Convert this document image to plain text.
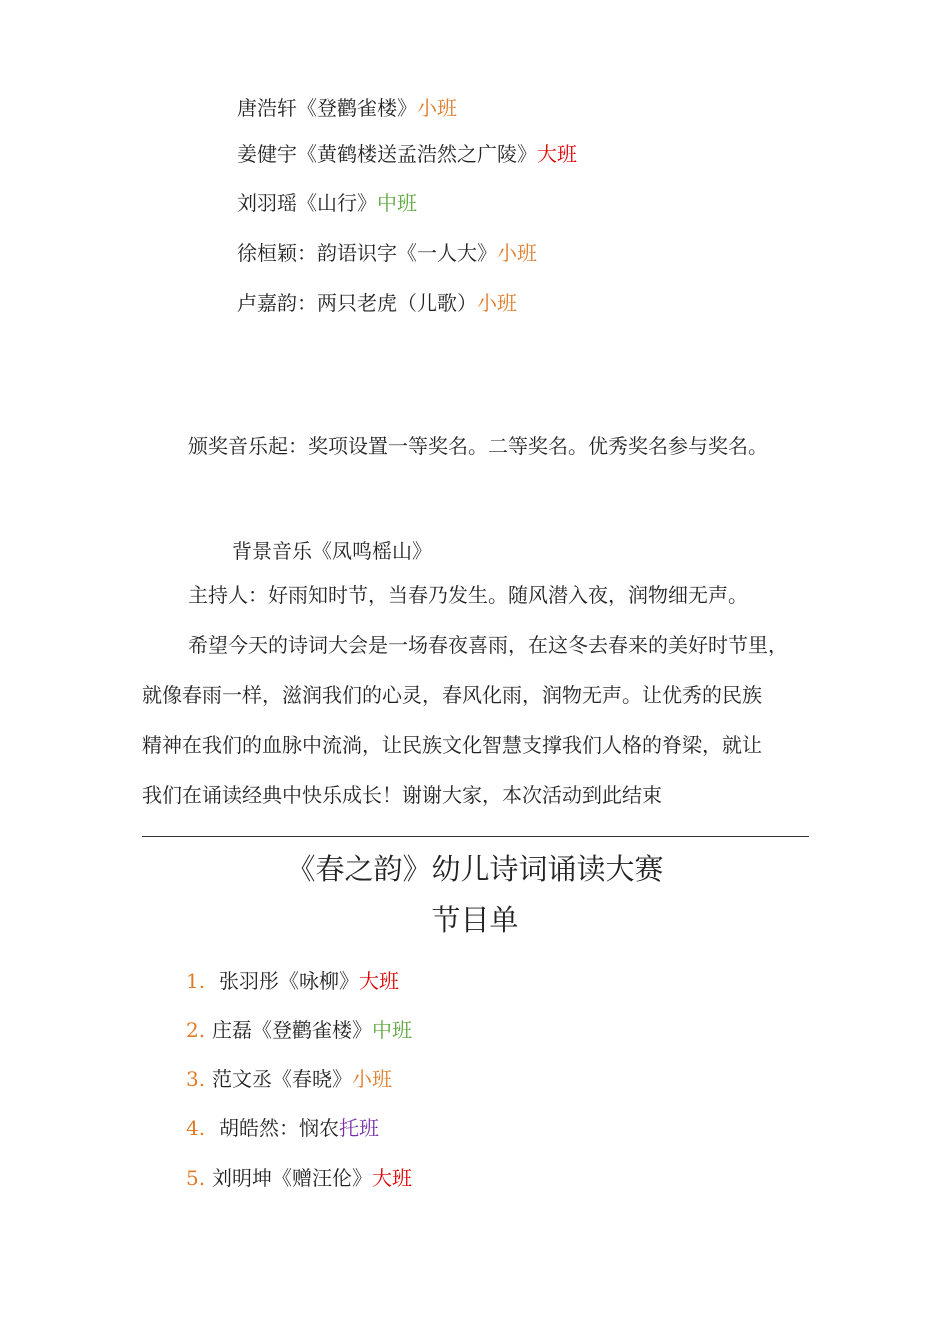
唐浩轩《登鹳雀楼》小班
姜健宇《黄鹤楼送孟浩然之广陵》大班
刘羽瑶《山行》中班
徐桓颖：韵语识字《一人大》小班
卢嘉韵：两只老虎（儿歌）小班
颁奖音乐起：奖项设置一等奖名。二等奖名。优秀奖名参与奖名。
背景音乐《凤鸣榣山》
主持人：好雨知时节，当春乃发生。随风潜入夜，润物细无声。
希望今天的诗词大会是一场春夜喜雨，在这冬去春来的美好时节里，
就像春雨一样，滋润我们的心灵，春风化雨，润物无声。让优秀的民族
精神在我们的血脉中流淌，让民族文化智慧支撑我们人格的脊梁，就让
我们在诵读经典中快乐成长！谢谢大家，本次活动到此结束
《春之韵》幼儿诗词诵读大赛
节目单
1. 张羽彤《咏柳》大班
2. 庄磊《登鹳雀楼》中班
3. 范文丞《春晓》小班
4. 胡皓然：悯农托班
5. 刘明坤《赠汪伦》大班
